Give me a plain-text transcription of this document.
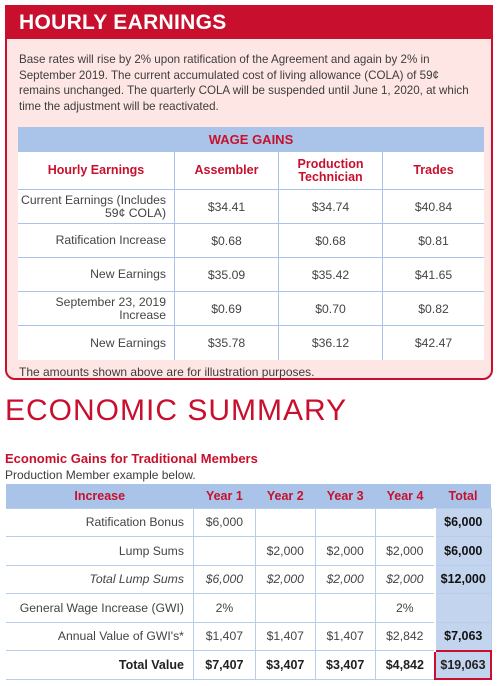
HOURLY EARNINGS
Base rates will rise by 2% upon ratification of the Agreement and again by 2% in September 2019. The current accumulated cost of living allowance (COLA) of 59¢ remains unchanged. The quarterly COLA will be suspended until June 1, 2020, at which time the adjustment will be reactivated.
WAGE GAINS
Hourly Earnings	Assembler	Production Technician	Trades
Current Earnings (Includes 59¢ COLA)	$34.41	$34.74	$40.84
Ratification Increase	$0.68	$0.68	$0.81
New Earnings	$35.09	$35.42	$41.65
September 23, 2019 Increase	$0.69	$0.70	$0.82
New Earnings	$35.78	$36.12	$42.47
The amounts shown above are for illustration purposes.
ECONOMIC SUMMARY
Economic Gains for Traditional Members
Production Member example below.
Increase	Year 1	Year 2	Year 3	Year 4	Total
Ratification Bonus	$6,000				$6,000
Lump Sums		$2,000	$2,000	$2,000	$6,000
Total Lump Sums	$6,000	$2,000	$2,000	$2,000	$12,000
General Wage Increase (GWI)	2%			2%	
Annual Value of GWI's*	$1,407	$1,407	$1,407	$2,842	$7,063
Total Value	$7,407	$3,407	$3,407	$4,842	$19,063
